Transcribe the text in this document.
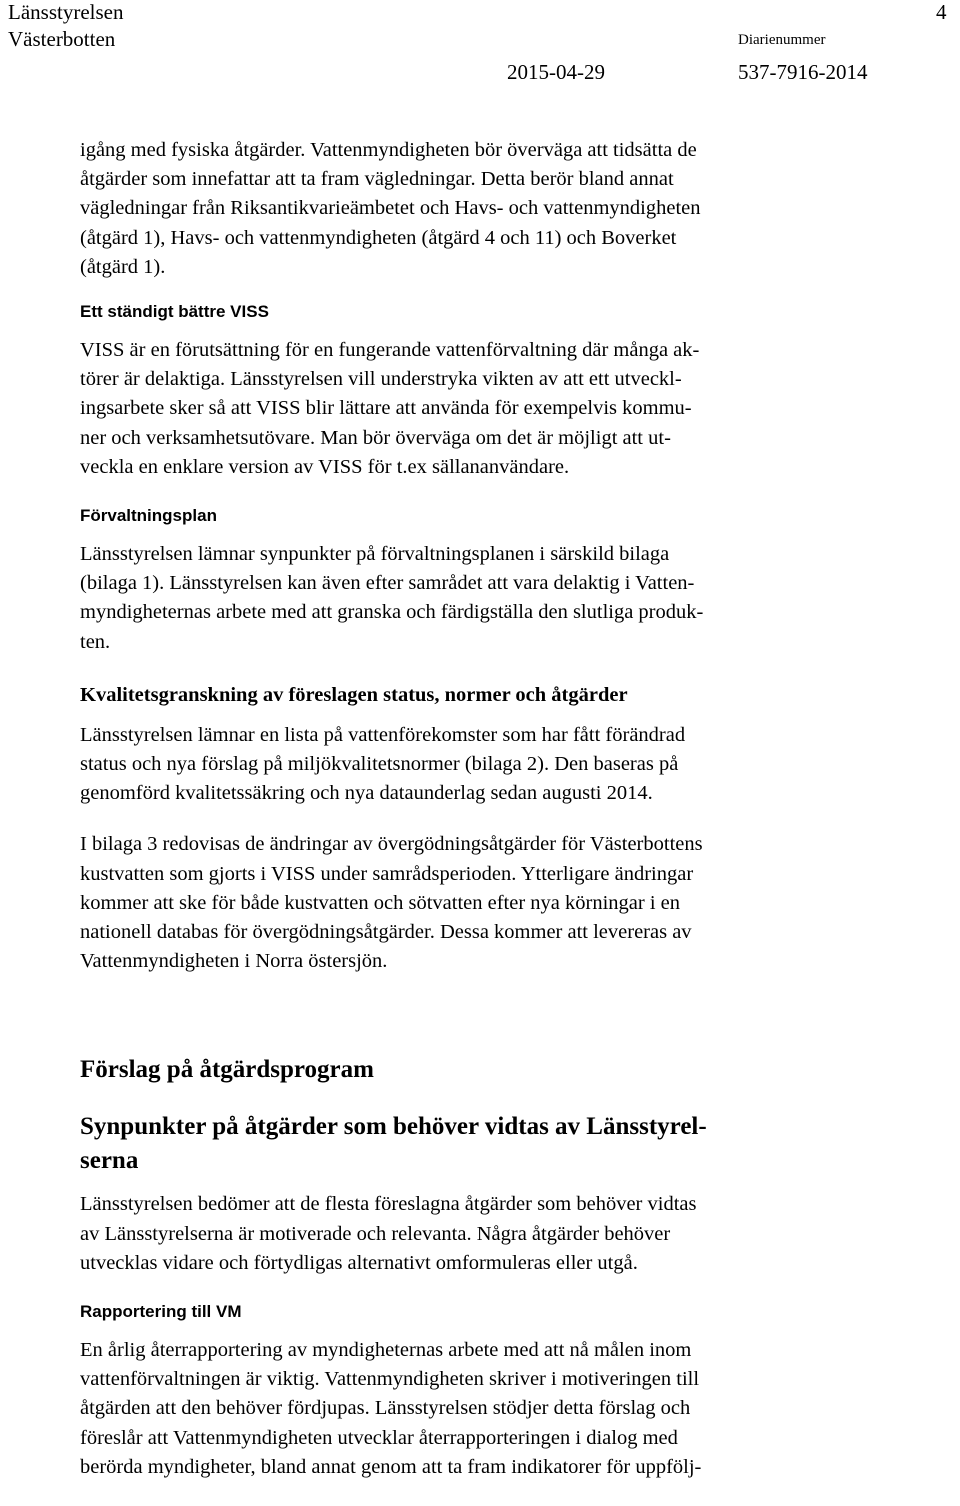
Länsstyrelsen
Västerbotten
4
Diarienummer
2015-04-29	537-7916-2014

igång med fysiska åtgärder. Vattenmyndigheten bör överväga att tidsätta de
åtgärder som innefattar att ta fram vägledningar. Detta berör bland annat
vägledningar från Riksantikvarieämbetet och Havs- och vattenmyndigheten
(åtgärd 1), Havs- och vattenmyndigheten (åtgärd 4 och 11) och Boverket
(åtgärd 1).

Ett ständigt bättre VISS

VISS är en förutsättning för en fungerande vattenförvaltning där många ak-
törer är delaktiga. Länsstyrelsen vill understryka vikten av att ett utveckl-
ingsarbete sker så att VISS blir lättare att använda för exempelvis kommu-
ner och verksamhetsutövare. Man bör överväga om det är möjligt att ut-
veckla en enklare version av VISS för t.ex sällananvändare.

Förvaltningsplan

Länsstyrelsen lämnar synpunkter på förvaltningsplanen i särskild bilaga
(bilaga 1). Länsstyrelsen kan även efter samrådet att vara delaktig i Vatten-
myndigheternas arbete med att granska och färdigställa den slutliga produk-
ten.

Kvalitetsgranskning av föreslagen status, normer och åtgärder

Länsstyrelsen lämnar en lista på vattenförekomster som har fått förändrad
status och nya förslag på miljökvalitetsnormer (bilaga 2). Den baseras på
genomförd kvalitetssäkring och nya dataunderlag sedan augusti 2014.

I bilaga 3 redovisas de ändringar av övergödningsåtgärder för Västerbottens
kustvatten som gjorts i VISS under samrådsperioden. Ytterligare ändringar
kommer att ske för både kustvatten och sötvatten efter nya körningar i en
nationell databas för övergödningsåtgärder. Dessa kommer att levereras av
Vattenmyndigheten i Norra östersjön.

Förslag på åtgärdsprogram
Synpunkter på åtgärder som behöver vidtas av Länsstyrel-
serna

Länsstyrelsen bedömer att de flesta föreslagna åtgärder som behöver vidtas
av Länsstyrelserna är motiverade och relevanta. Några åtgärder behöver
utvecklas vidare och förtydligas alternativt omformuleras eller utgå.

Rapportering till VM

En årlig återrapportering av myndigheternas arbete med att nå målen inom
vattenförvaltningen är viktig. Vattenmyndigheten skriver i motiveringen till
åtgärden att den behöver fördjupas. Länsstyrelsen stödjer detta förslag och
föreslår att Vattenmyndigheten utvecklar återrapporteringen i dialog med
berörda myndigheter, bland annat genom att ta fram indikatorer för uppfölj-
